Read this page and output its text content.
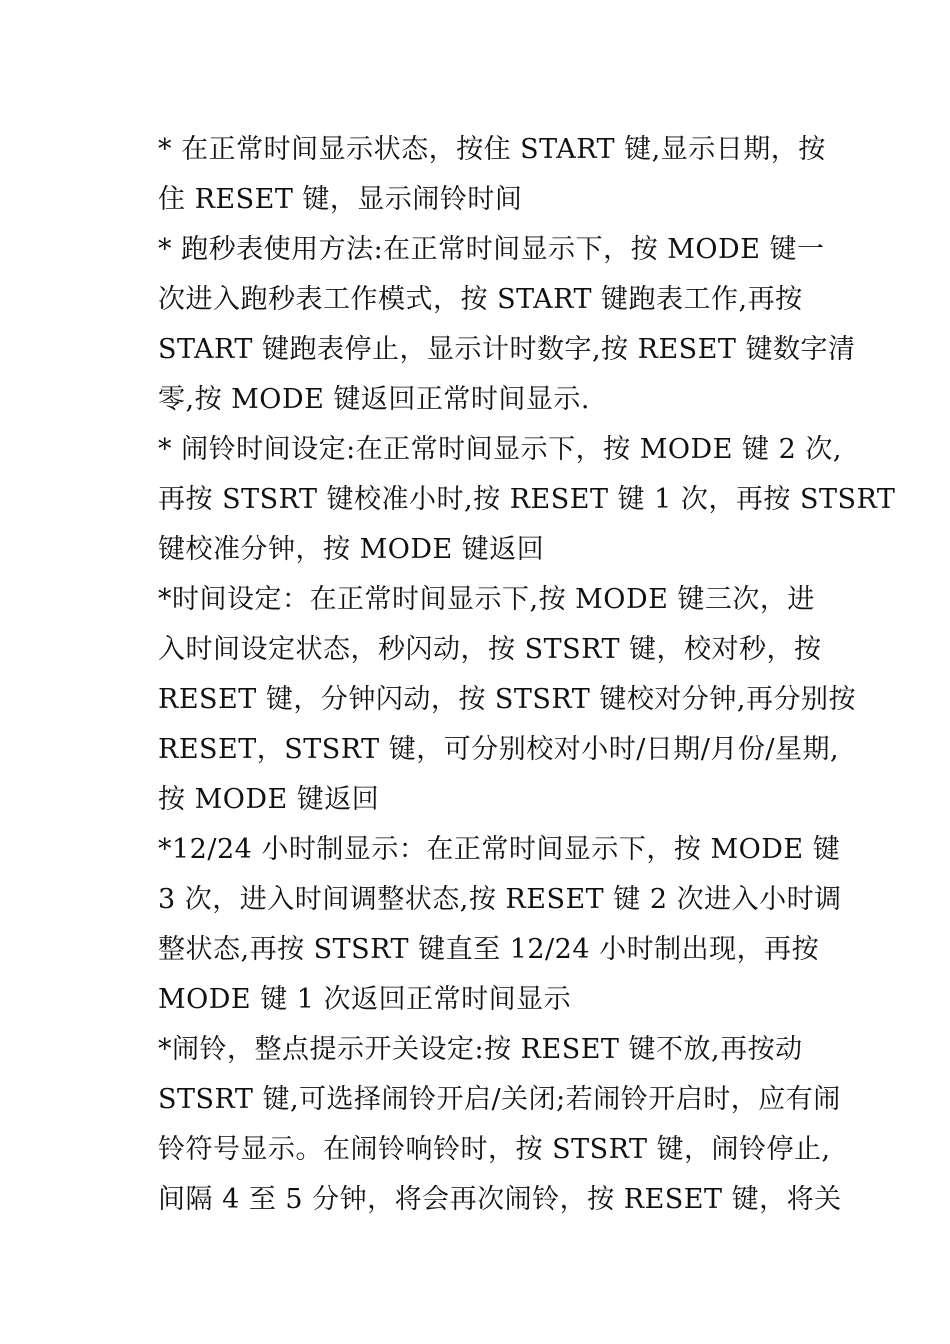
* 在正常时间显示状态，按住 START 键,显示日期，按
住 RESET 键，显示闹铃时间
* 跑秒表使用方法:在正常时间显示下，按 MODE 键一
次进入跑秒表工作模式，按 START 键跑表工作,再按
START 键跑表停止，显示计时数字,按 RESET 键数字清
零,按 MODE 键返回正常时间显示.
* 闹铃时间设定:在正常时间显示下，按 MODE 键 2 次,
再按 STSRT 键校准小时,按 RESET 键 1 次，再按 STSRT
键校准分钟，按 MODE 键返回
*时间设定：在正常时间显示下,按 MODE 键三次，进
入时间设定状态，秒闪动，按 STSRT 键，校对秒，按
RESET 键，分钟闪动，按 STSRT 键校对分钟,再分别按
RESET，STSRT 键，可分别校对小时/日期/月份/星期,
按 MODE 键返回
*12/24 小时制显示：在正常时间显示下，按 MODE 键
3 次，进入时间调整状态,按 RESET 键 2 次进入小时调
整状态,再按 STSRT 键直至 12/24 小时制出现，再按
MODE 键 1 次返回正常时间显示
*闹铃，整点提示开关设定:按 RESET 键不放,再按动
STSRT 键,可选择闹铃开启/关闭;若闹铃开启时，应有闹
铃符号显示。在闹铃响铃时，按 STSRT 键，闹铃停止,
间隔 4 至 5 分钟，将会再次闹铃，按 RESET 键，将关
